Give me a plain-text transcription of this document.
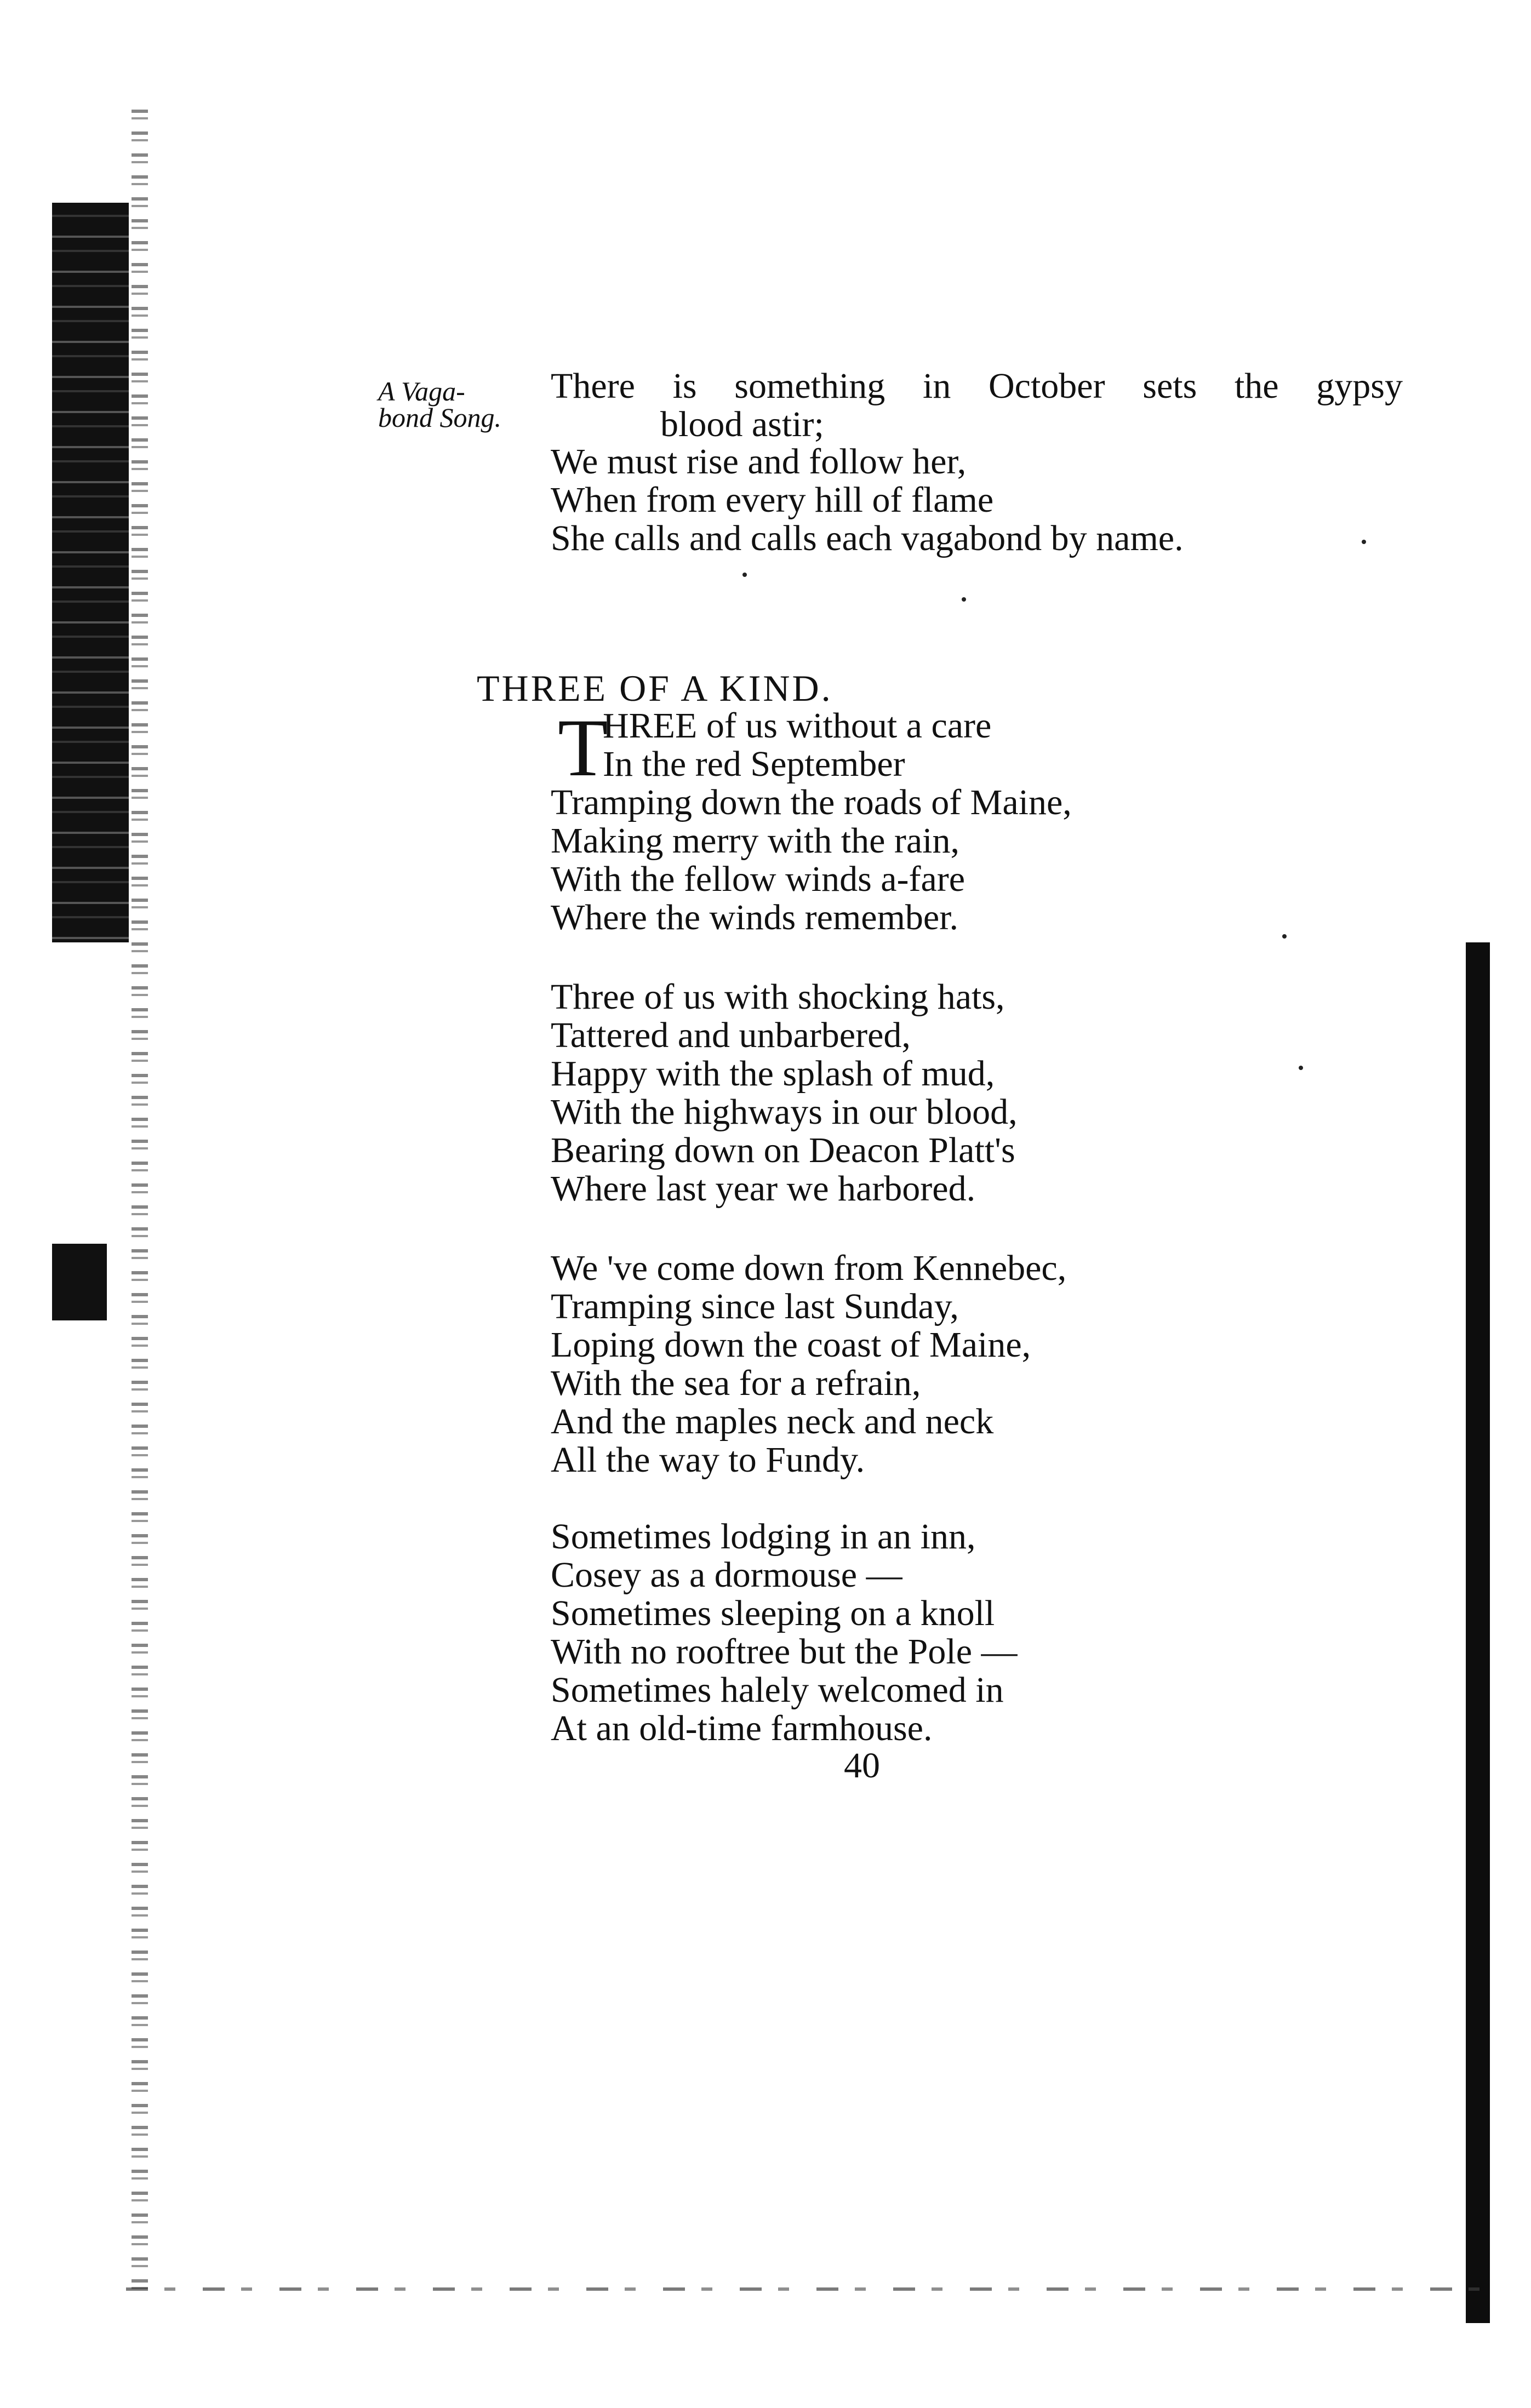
A Vaga-
bond Song.
There is something in October sets the gypsy
blood astir;
We must rise and follow her,
When from every hill of flame
She calls and calls each vagabond by name.
THREE OF A KIND.
T
HREE of us without a care
In the red September
Tramping down the roads of Maine,
Making merry with the rain,
With the fellow winds a-fare
Where the winds remember.
Three of us with shocking hats,
Tattered and unbarbered,
Happy with the splash of mud,
With the highways in our blood,
Bearing down on Deacon Platt's
Where last year we harbored.
We 've come down from Kennebec,
Tramping since last Sunday,
Loping down the coast of Maine,
With the sea for a refrain,
And the maples neck and neck
All the way to Fundy.
Sometimes lodging in an inn,
Cosey as a dormouse —
Sometimes sleeping on a knoll
With no rooftree but the Pole —
Sometimes halely welcomed in
At an old-time farmhouse.
40
